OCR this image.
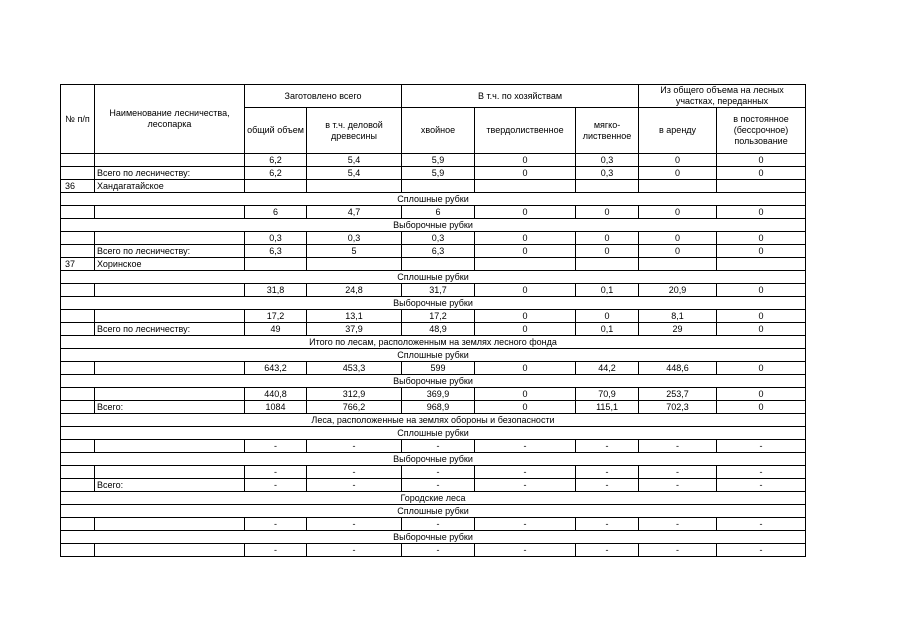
№ п/п	Наименование лесничества, лесопарка	Заготовлено всего		В т.ч. по хозяйствам			Из общего объема на лесных участках, переданных	
		общий объем	в т.ч. деловой древесины	хвойное	твердолиственное	мягко-лиственное	в аренду	в постоянное (бессрочное) пользование
		6,2	5,4	5,9	0	0,3	0	0
	Всего по лесничеству:	6,2	5,4	5,9	0	0,3	0	0
36	Хандагатайское							
Сплошные рубки								
		6	4,7	6	0	0	0	0
Выборочные рубки								
		0,3	0,3	0,3	0	0	0	0
	Всего по лесничеству:	6,3	5	6,3	0	0	0	0
37	Хоринское							
Сплошные рубки								
		31,8	24,8	31,7	0	0,1	20,9	0
Выборочные рубки								
		17,2	13,1	17,2	0	0	8,1	0
	Всего по лесничеству:	49	37,9	48,9	0	0,1	29	0
Итого по лесам, расположенным на землях лесного фонда								
Сплошные рубки								
		643,2	453,3	599	0	44,2	448,6	0
Выборочные рубки								
		440,8	312,9	369,9	0	70,9	253,7	0
	Всего:	1084	766,2	968,9	0	115,1	702,3	0
Леса, расположенные на землях обороны и безопасности								
Сплошные рубки								
		-	-	-	-	-	-	-
Выборочные рубки								
		-	-	-	-	-	-	-
	Всего:	-	-	-	-	-	-	-
Городские леса								
Сплошные рубки								
		-	-	-	-	-	-	-
Выборочные рубки								
		-	-	-	-	-	-	-
